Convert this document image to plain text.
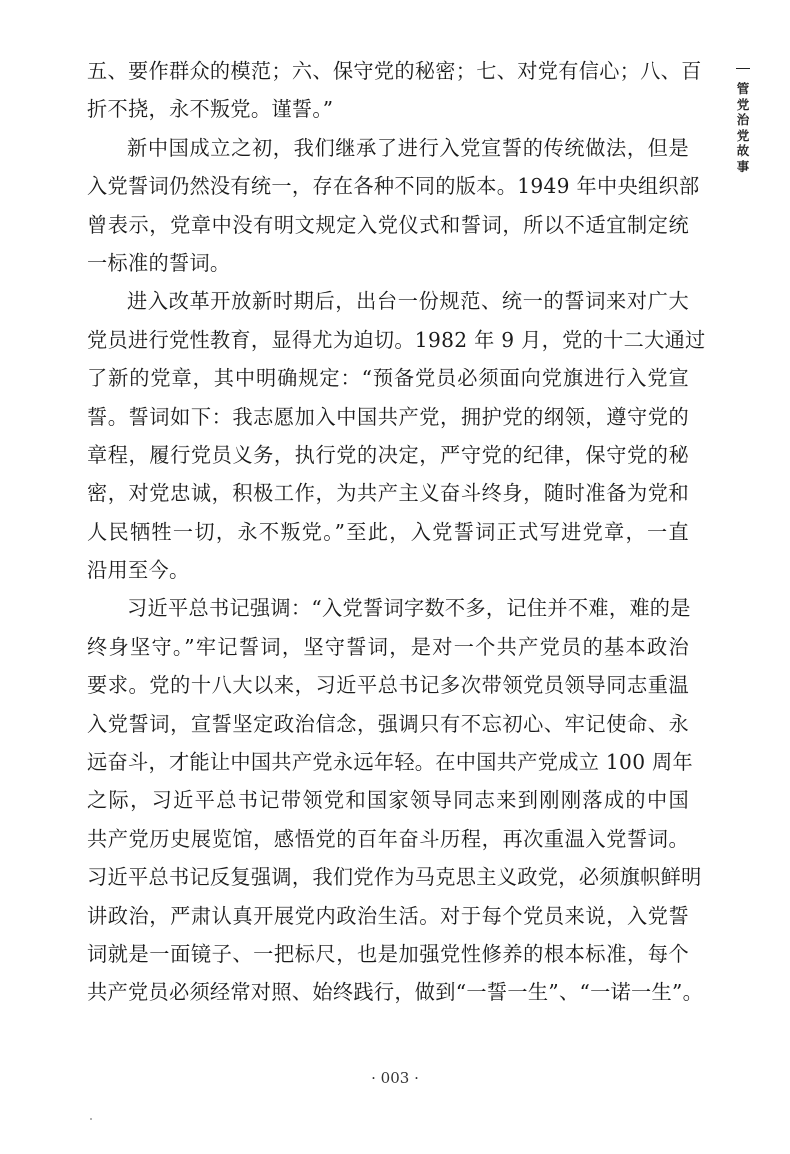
五、要作群众的模范；六、保守党的秘密；七、对党有信心；八、百
折不挠，永不叛党。谨誓。”
新中国成立之初，我们继承了进行入党宣誓的传统做法，但是
入党誓词仍然没有统一，存在各种不同的版本。1949 年中央组织部
曾表示，党章中没有明文规定入党仪式和誓词，所以不适宜制定统
一标准的誓词。
进入改革开放新时期后，出台一份规范、统一的誓词来对广大
党员进行党性教育，显得尤为迫切。1982 年 9 月，党的十二大通过
了新的党章，其中明确规定：“预备党员必须面向党旗进行入党宣
誓。誓词如下：我志愿加入中国共产党，拥护党的纲领，遵守党的
章程，履行党员义务，执行党的决定，严守党的纪律，保守党的秘
密，对党忠诚，积极工作，为共产主义奋斗终身，随时准备为党和
人民牺牲一切，永不叛党。”至此，入党誓词正式写进党章，一直
沿用至今。
习近平总书记强调：“入党誓词字数不多，记住并不难，难的是
终身坚守。”牢记誓词，坚守誓词，是对一个共产党员的基本政治
要求。党的十八大以来，习近平总书记多次带领党员领导同志重温
入党誓词，宣誓坚定政治信念，强调只有不忘初心、牢记使命、永
远奋斗，才能让中国共产党永远年轻。在中国共产党成立 100 周年
之际，习近平总书记带领党和国家领导同志来到刚刚落成的中国
共产党历史展览馆，感悟党的百年奋斗历程，再次重温入党誓词。
习近平总书记反复强调，我们党作为马克思主义政党，必须旗帜鲜明
讲政治，严肃认真开展党内政治生活。对于每个党员来说，入党誓
词就是一面镜子、一把标尺，也是加强党性修养的根本标准，每个
共产党员必须经常对照、始终践行，做到“一誓一生”、“一诺一生”。
管
党
治
党
故
事
· 003 ·
